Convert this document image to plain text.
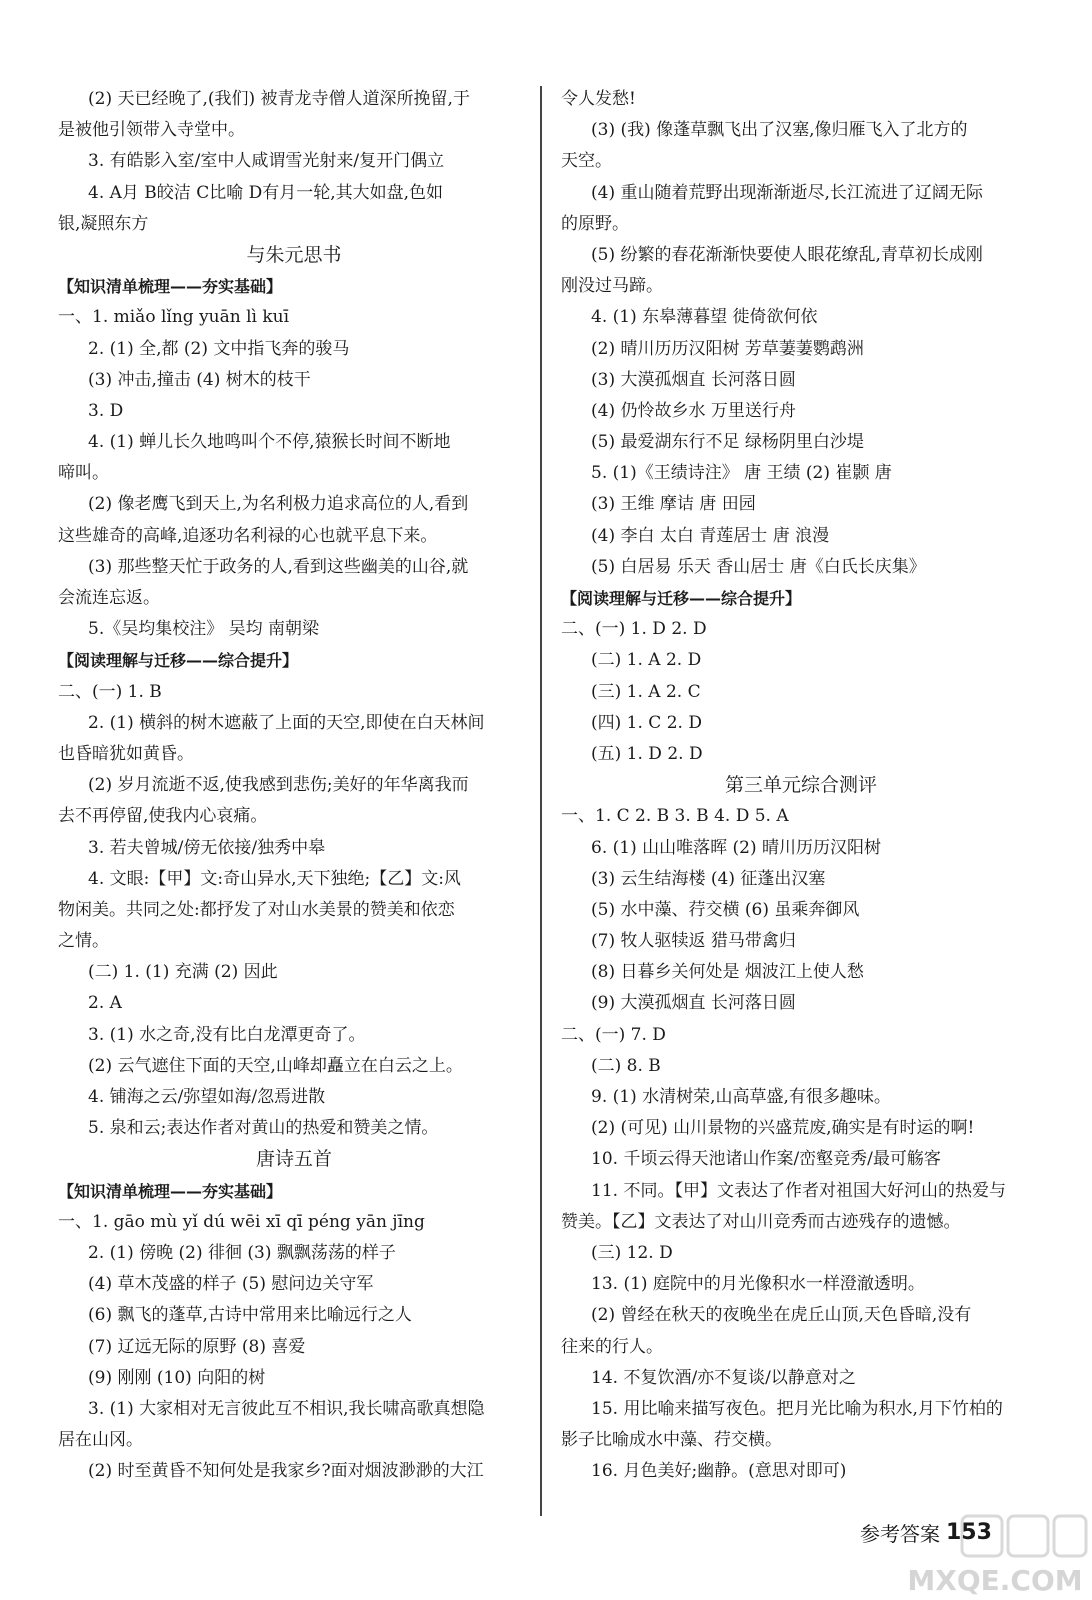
(2) 天已经晚了,(我们) 被青龙寺僧人道深所挽留,于
是被他引领带入寺堂中。
3. 有皓影入室/室中人咸谓雪光射来/复开门偶立
4. A月 B皎洁 C比喻 D有月一轮,其大如盘,色如
银,凝照东方
与朱元思书
【知识清单梳理——夯实基础】
一、1. miǎo lǐng yuān lì kuī
2. (1) 全,都 (2) 文中指飞奔的骏马
(3) 冲击,撞击 (4) 树木的枝干
3. D
4. (1) 蝉儿长久地鸣叫个不停,猿猴长时间不断地
啼叫。
(2) 像老鹰飞到天上,为名利极力追求高位的人,看到
这些雄奇的高峰,追逐功名利禄的心也就平息下来。
(3) 那些整天忙于政务的人,看到这些幽美的山谷,就
会流连忘返。
5.《吴均集校注》 吴均 南朝梁
【阅读理解与迁移——综合提升】
二、(一) 1. B
2. (1) 横斜的树木遮蔽了上面的天空,即使在白天林间
也昏暗犹如黄昏。
(2) 岁月流逝不返,使我感到悲伤;美好的年华离我而
去不再停留,使我内心哀痛。
3. 若夫曾城/傍无依接/独秀中皋
4. 文眼:【甲】文:奇山异水,天下独绝;【乙】文:风
物闲美。共同之处:都抒发了对山水美景的赞美和依恋
之情。
(二) 1. (1) 充满 (2) 因此
2. A
3. (1) 水之奇,没有比白龙潭更奇了。
(2) 云气遮住下面的天空,山峰却矗立在白云之上。
4. 铺海之云/弥望如海/忽焉进散
5. 泉和云;表达作者对黄山的热爱和赞美之情。
唐诗五首
【知识清单梳理——夯实基础】
一、1. gāo mù yǐ dú wēi xī qī péng yān jīng
2. (1) 傍晚 (2) 徘徊 (3) 飘飘荡荡的样子
(4) 草木茂盛的样子 (5) 慰问边关守军
(6) 飘飞的蓬草,古诗中常用来比喻远行之人
(7) 辽远无际的原野 (8) 喜爱
(9) 刚刚 (10) 向阳的树
3. (1) 大家相对无言彼此互不相识,我长啸高歌真想隐
居在山冈。
(2) 时至黄昏不知何处是我家乡?面对烟波渺渺的大江
令人发愁!
(3) (我) 像蓬草飘飞出了汉塞,像归雁飞入了北方的
天空。
(4) 重山随着荒野出现渐渐逝尽,长江流进了辽阔无际
的原野。
(5) 纷繁的春花渐渐快要使人眼花缭乱,青草初长成刚
刚没过马蹄。
4. (1) 东皋薄暮望 徙倚欲何依
(2) 晴川历历汉阳树 芳草萋萋鹦鹉洲
(3) 大漠孤烟直 长河落日圆
(4) 仍怜故乡水 万里送行舟
(5) 最爱湖东行不足 绿杨阴里白沙堤
5. (1)《王绩诗注》 唐 王绩 (2) 崔颢 唐
(3) 王维 摩诘 唐 田园
(4) 李白 太白 青莲居士 唐 浪漫
(5) 白居易 乐天 香山居士 唐《白氏长庆集》
【阅读理解与迁移——综合提升】
二、(一) 1. D 2. D
(二) 1. A 2. D
(三) 1. A 2. C
(四) 1. C 2. D
(五) 1. D 2. D
第三单元综合测评
一、1. C 2. B 3. B 4. D 5. A
6. (1) 山山唯落晖 (2) 晴川历历汉阳树
(3) 云生结海楼 (4) 征蓬出汉塞
(5) 水中藻、荇交横 (6) 虽乘奔御风
(7) 牧人驱犊返 猎马带禽归
(8) 日暮乡关何处是 烟波江上使人愁
(9) 大漠孤烟直 长河落日圆
二、(一) 7. D
(二) 8. B
9. (1) 水清树荣,山高草盛,有很多趣味。
(2) (可见) 山川景物的兴盛荒废,确实是有时运的啊!
10. 千顷云得天池诸山作案/峦壑竞秀/最可觞客
11. 不同。【甲】文表达了作者对祖国大好河山的热爱与
赞美。【乙】文表达了对山川竞秀而古迹残存的遗憾。
(三) 12. D
13. (1) 庭院中的月光像积水一样澄澈透明。
(2) 曾经在秋天的夜晚坐在虎丘山顶,天色昏暗,没有
往来的行人。
14. 不复饮酒/亦不复谈/以静意对之
15. 用比喻来描写夜色。把月光比喻为积水,月下竹柏的
影子比喻成水中藻、荇交横。
16. 月色美好;幽静。(意思对即可)
参考答案 153
MXQE.COM
